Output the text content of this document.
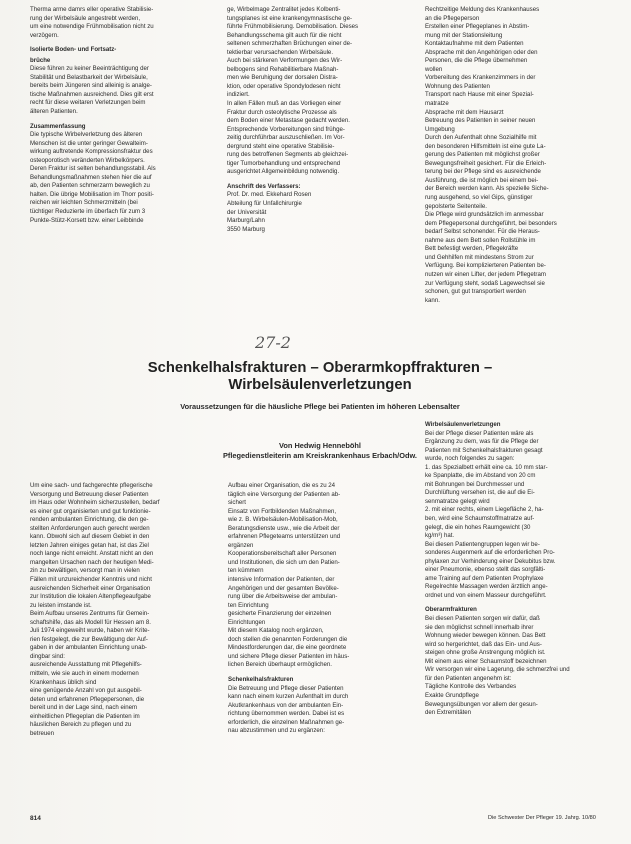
Therma arme damrs eller operative Stabilisie-

rung der Wirbelsäule angestrebt werden,

um eine notwendige Frühmobilisation nicht zu

verzögern.

Isolierte Boden- und Fortsatz-

brüche

Diese führen zu keiner Beeinträchtigung der

Stabilität und Belastbarkeit der Wirbelsäule,

bereits beim Jüngeren sind alleinig is analge-

tische Maßnahmen ausreichend. Dies gilt erst

recht für diese weitaren Verletzungen beim

älteren Patienten.

Zusammenfassung

Die typische Wirbelverletzung des älteren

Menschen ist die unter geringer Gewalteim-

wirkung auftretende Kompressionsfraktur des

osteoporotisch veränderten Wirbelkörpers.

Deren Fraktur ist selten behandlungsstabil. Als

Behandlungsmaßnahmen stehen hier die auf

ab, den Patienten schmerzarm beweglich zu

halten. Die übrige Mobilisation im Thorr positi-

reichen wir leichten Schmerzmitteln (bei

tüchtiger Reduzierte im überfach für zum 3

Punkte-Stütz-Korsett bzw. einer Leibbinde

ge, Wirbelmage Zentralitet jedes Kolbenti-

tungsplanes ist eine krankengymnastische ge-

führte Frühmobilisierung. Demobilisation. Dieses

Behandlungsschema gilt auch für die nicht

seltenen schmerzhaften Brüchungen einer de-

tektierbar verursachenden Wirbelsäule.

Auch bei stärkeren Verformungen des Wir-

belbogens sind Rehabilitierbare Maßnah-

men wie Beruhigung der dorsalen Distra-

ktion, oder operative Spondylodesen nicht

indiziert.

In allen Fällen muß an das Vorliegen einer

Fraktur durch osteolytische Prozesse als

dem Boden einer Metastase gedacht werden.

Entsprechende Vorbereitungen sind frühge-

zeitig durchführbar auszuschließen. Im Vor-

dergrund steht eine operative Stabilisie-

rung des betroffenen Segments ab gleichzei-

tiger Tumorbehandlung und entsprechend

ausgerichtet Allgemeinbildung notwendig.

Anschrift des Verfassers:

Prof. Dr. med. Ekkehard Rosen

Abteilung für Unfallchirurgie

der Universität

Marburg/Lahn

3550 Marburg

Rechtzeitige Meldung des Krankenhauses

an die Pflegeperson

Erstellen einer Pflegeplanes in Abstim-

mung mit der Stationsleitung

Kontaktaufnahme mit dem Patienten

Absprache mit den Angehörigen oder den

Personen, die die Pflege übernehmen

wollen

Vorbereitung des Krankenzimmers in der

Wohnung des Patienten

Transport nach Hause mit einer Spezial-

matratze

Absprache mit dem Hausarzt

Betreuung des Patienten in seiner neuen

Umgebung

Durch den Aufenthalt ohne Sozialhilfe mit

den besonderen Hilfsmitteln ist eine gute La-

gerung des Patienten mit möglichst großer

Bewegungsfreiheit gesichert. Für die Erleich-

terung bei der Pflege sind es ausreichende

Ausführung, die ist möglich bei einem bei-

der Bereich werden kann. Als spezielle Siche-

rung ausgehend, so viel Gips, günstiger

gepolsterte Seitenteile.

Die Pflege wird grundsätzlich im anmessbar

dem Pflegepersonal durchgeführt, bei besonders

bedarf Selbst schonender. Für die Heraus-

nahme aus dem Bett sollen Rollstühle im

Bett befestigt werden, Pflegekräfte

und Gehhilfen mit mindestens Strom zur

Verfügung. Bei komplizierteren Patienten be-

nutzen wir einen Lifter, der jedem Pflegetram

zur Verfügung steht, sodaß Lagewechsel sie

schonen, gut gut transportiert werden

kann.

27-2
Schenkelhalsfrakturen – Oberarmkopffrakturen – Wirbelsäulenverletzungen
Voraussetzungen für die häusliche Pflege bei Patienten im höheren Lebensalter
Von Hedwig Henneböhl
Pflegedienstleiterin am Kreiskrankenhaus Erbach/Odw.

Um eine sach- und fachgerechte pflegerische

Versorgung und Betreuung dieser Patienten

im Haus oder Wohnheim sicherzustellen, bedarf

es einer gut organisierten und gut funktionie-

renden ambulanten Einrichtung, die den ge-

stellten Anforderungen auch gerecht werden

kann. Obwohl sich auf diesem Gebiet in den

letzten Jahren einiges getan hat, ist das Ziel

noch lange nicht erreicht. Anstatt nicht an den

mangelten Ursachen nach der heutigen Medi-

zin zu bewältigen, versorgt man in vielen

Fällen mit unzureichender Kenntnis und nicht

ausreichenden Sicherheit einer Organisation

zur Institution die lokalen Altenpflegeaufgabe

zu leisten imstande ist.

Beim Aufbau unseres Zentrums für Gemein-

schaftshilfe, das als Modell für Hessen am 8.

Juli 1974 eingeweiht wurde, haben wir Krite-

rien festgelegt, die zur Bewältigung der Auf-

gaben in der ambulanten Einrichtung unab-

dingbar sind:

ausreichende Ausstattung mit Pflegehilfs-

mitteln, wie sie auch in einem modernen

Krankenhaus üblich sind

eine genügende Anzahl von gut ausgebil-

deten und erfahrenen Pflegepersonen, die

bereit und in der Lage sind, nach einem

einheitlichen Pflegeplan die Patienten im

häuslichen Bereich zu pflegen und zu

betreuen

Aufbau einer Organisation, die es zu 24

täglich eine Versorgung der Patienten ab-

sichert

Einsatz von Fortbildenden Maßnahmen,

wie z. B. Wirbelsäulen-Mobilisation-Mob,

Beratungsdienste usw., wie die Arbeit der

erfahrenen Pflegeteams unterstützen und

ergänzen

Kooperationsbereitschaft aller Personen

und Institutionen, die sich um den Patien-

ten kümmern

intensive Information der Patienten, der

Angehörigen und der gesamten Bevölke-

rung über die Arbeitsweise der ambulan-

ten Einrichtung

gesicherte Finanzierung der einzelnen

Einrichtungen

Mit diesem Katalog noch ergänzen,

doch stellen die genannten Forderungen die

Mindestforderungen dar, die eine geordnete

und sichere Pflege dieser Patienten im häus-

lichen Bereich überhaupt ermöglichen.

Schenkelhalsfrakturen

Die Betreuung und Pflege dieser Patienten

kann nach einem kurzen Aufenthalt im durch

Akutkrankenhaus von der ambulanten Ein-

richtung übernommen werden. Dabei ist es

erforderlich, die einzelnen Maßnahmen ge-

nau abzustimmen und zu ergänzen:

Wirbelsäulenverletzungen

Bei der Pflege dieser Patienten wäre als

Ergänzung zu dem, was für die Pflege der

Patienten mit Schenkelhalsfrakturen gesagt

wurde, noch folgendes zu sagen:

1. das Spezialbett erhält eine ca. 10 mm star-

ke Spanplatte, die im Abstand von 20 cm

mit Bohrungen bei Durchmesser und

Durchlüftung versehen ist, die auf die Ei-

senmatratze gelegt wird

2. mit einer rechts, einem Liegefläche 2, ha-

ben, wird eine Schaumstoffmatratze auf-

gelegt, die ein hohes Raumgewicht (30

kg/m³) hat.

Bei diesen Patientengruppen legen wir be-

sonderes Augenmerk auf die erforderlichen Pro-

phylaxen zur Verhinderung einer Dekubitus bzw.

einer Pneumonie, ebenso stellt das sorgfälti-

ame Training auf dem Patienten Prophylaxe

Regelrechte Massagen werden ärztlich ange-

ordnet und von einem Masseur durchgeführt.

Oberarmfrakturen

Bei diesen Patienten sorgen wir dafür, daß

sie den möglichst schnell innerhalb ihrer

Wohnung wieder bewegen können. Das Bett

wird so hergerichtet, daß das Ein- und Aus-

steigen ohne große Anstrengung möglich ist.

Mit einem aus einer Schaumstoff bezeichnen

Wir versorgen wir eine Lagerung, die schmerzfrei und

für den Patienten angenehm ist:

Tägliche Kontrolle des Verbandes

Exakte Grundpflege

Bewegungsübungen vor allem der gesun-

den Extremitäten

814	Die Schwester Der Pfleger 19. Jahrg. 10/80
